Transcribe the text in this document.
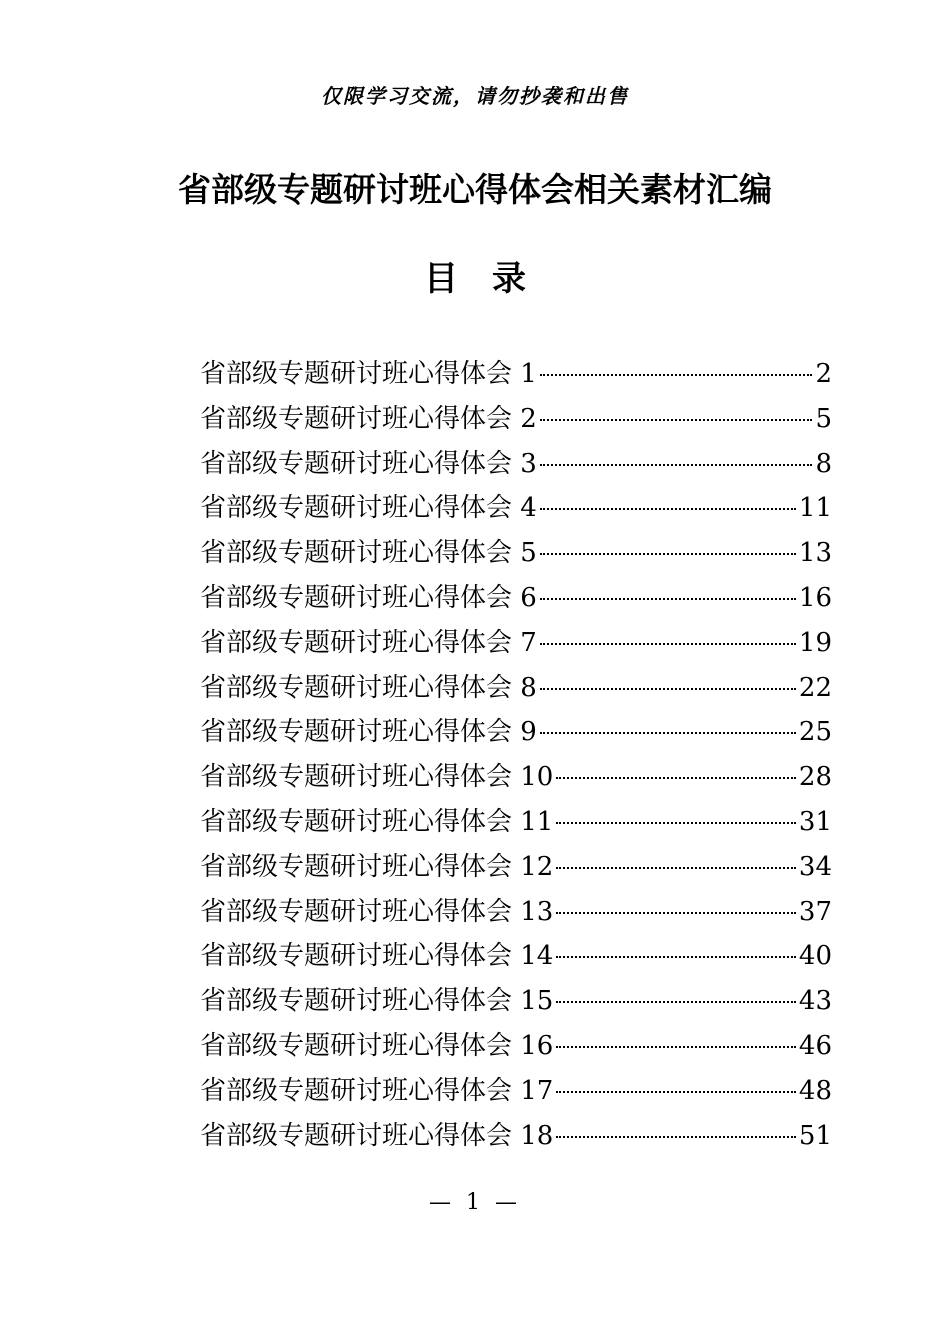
仅限学习交流，请勿抄袭和出售
省部级专题研讨班心得体会相关素材汇编
目 录
省部级专题研讨班心得体会 1	2
省部级专题研讨班心得体会 2	5
省部级专题研讨班心得体会 3	8
省部级专题研讨班心得体会 4	11
省部级专题研讨班心得体会 5	13
省部级专题研讨班心得体会 6	16
省部级专题研讨班心得体会 7	19
省部级专题研讨班心得体会 8	22
省部级专题研讨班心得体会 9	25
省部级专题研讨班心得体会 10	28
省部级专题研讨班心得体会 11	31
省部级专题研讨班心得体会 12	34
省部级专题研讨班心得体会 13	37
省部级专题研讨班心得体会 14	40
省部级专题研讨班心得体会 15	43
省部级专题研讨班心得体会 16	46
省部级专题研讨班心得体会 17	48
省部级专题研讨班心得体会 18	51
— 1 —
